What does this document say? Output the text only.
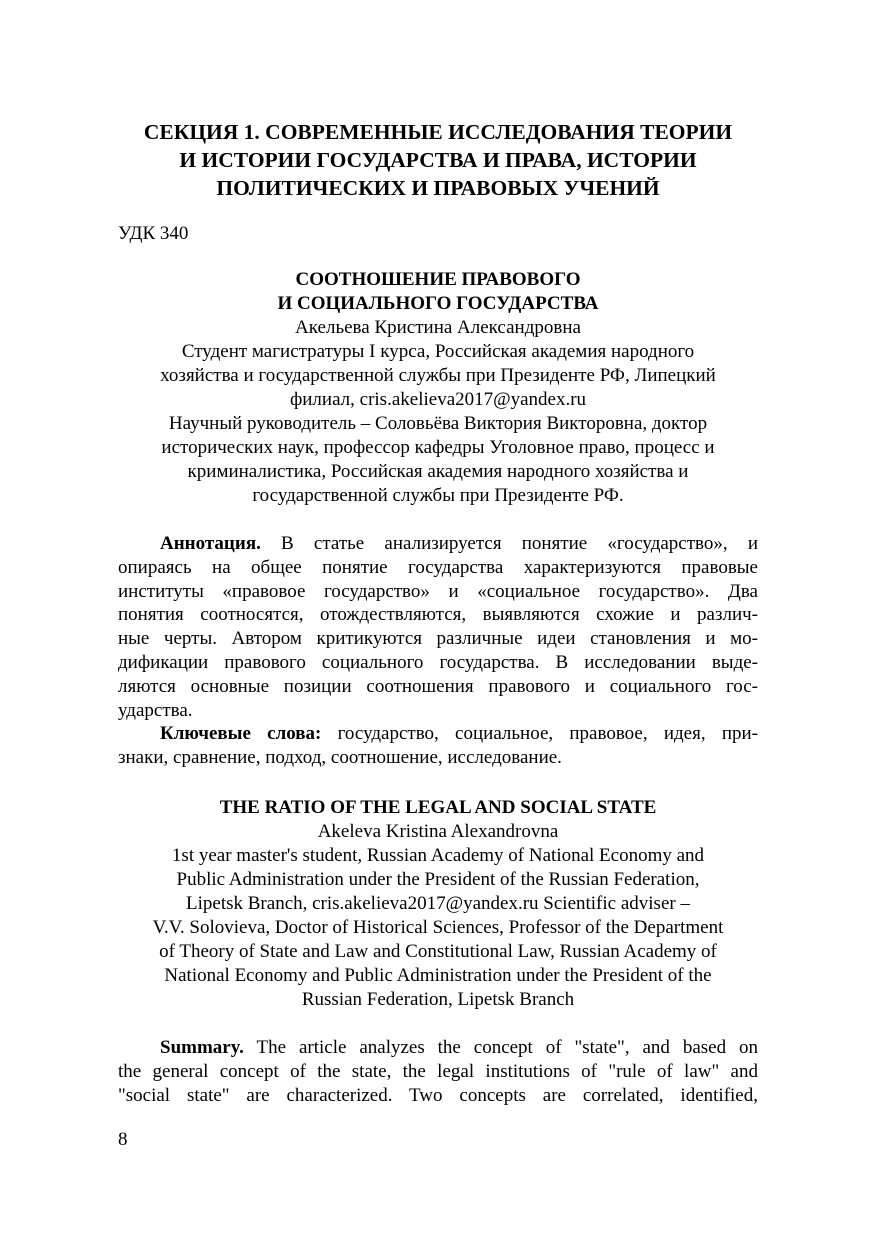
СЕКЦИЯ 1. СОВРЕМЕННЫЕ ИССЛЕДОВАНИЯ ТЕОРИИ
И ИСТОРИИ ГОСУДАРСТВА И ПРАВА, ИСТОРИИ
ПОЛИТИЧЕСКИХ И ПРАВОВЫХ УЧЕНИЙ
УДК 340
СООТНОШЕНИЕ ПРАВОВОГО
И СОЦИАЛЬНОГО ГОСУДАРСТВА
Акельева Кристина Александровна
Студент магистратуры I курса, Российская академия народного
хозяйства и государственной службы при Президенте РФ, Липецкий
филиал, cris.akelieva2017@yandex.ru
Научный руководитель – Соловьёва Виктория Викторовна, доктор
исторических наук, профессор кафедры Уголовное право, процесс и
криминалистика, Российская академия народного хозяйства и
государственной службы при Президенте РФ.
Аннотация. В статье анализируется понятие «государство», и
опираясь на общее понятие государства характеризуются правовые
институты «правовое государство» и «социальное государство». Два
понятия соотносятся, отождествляются, выявляются схожие и различ-
ные черты. Автором критикуются различные идеи становления и мо-
дификации правового социального государства. В исследовании выде-
ляются основные позиции соотношения правового и социального гос-
ударства.
Ключевые слова: государство, социальное, правовое, идея, при-
знаки, сравнение, подход, соотношение, исследование.
THE RATIO OF THE LEGAL AND SOCIAL STATE
Akeleva Kristina Alexandrovna
1st year master's student, Russian Academy of National Economy and
Public Administration under the President of the Russian Federation,
Lipetsk Branch, cris.akelieva2017@yandex.ru Scientific adviser –
V.V. Solovieva, Doctor of Historical Sciences, Professor of the Department
of Theory of State and Law and Constitutional Law, Russian Academy of
National Economy and Public Administration under the President of the
Russian Federation, Lipetsk Branch
Summary. The article analyzes the concept of "state", and based on
the general concept of the state, the legal institutions of "rule of law" and
"social state" are characterized. Two concepts are correlated, identified,
8
